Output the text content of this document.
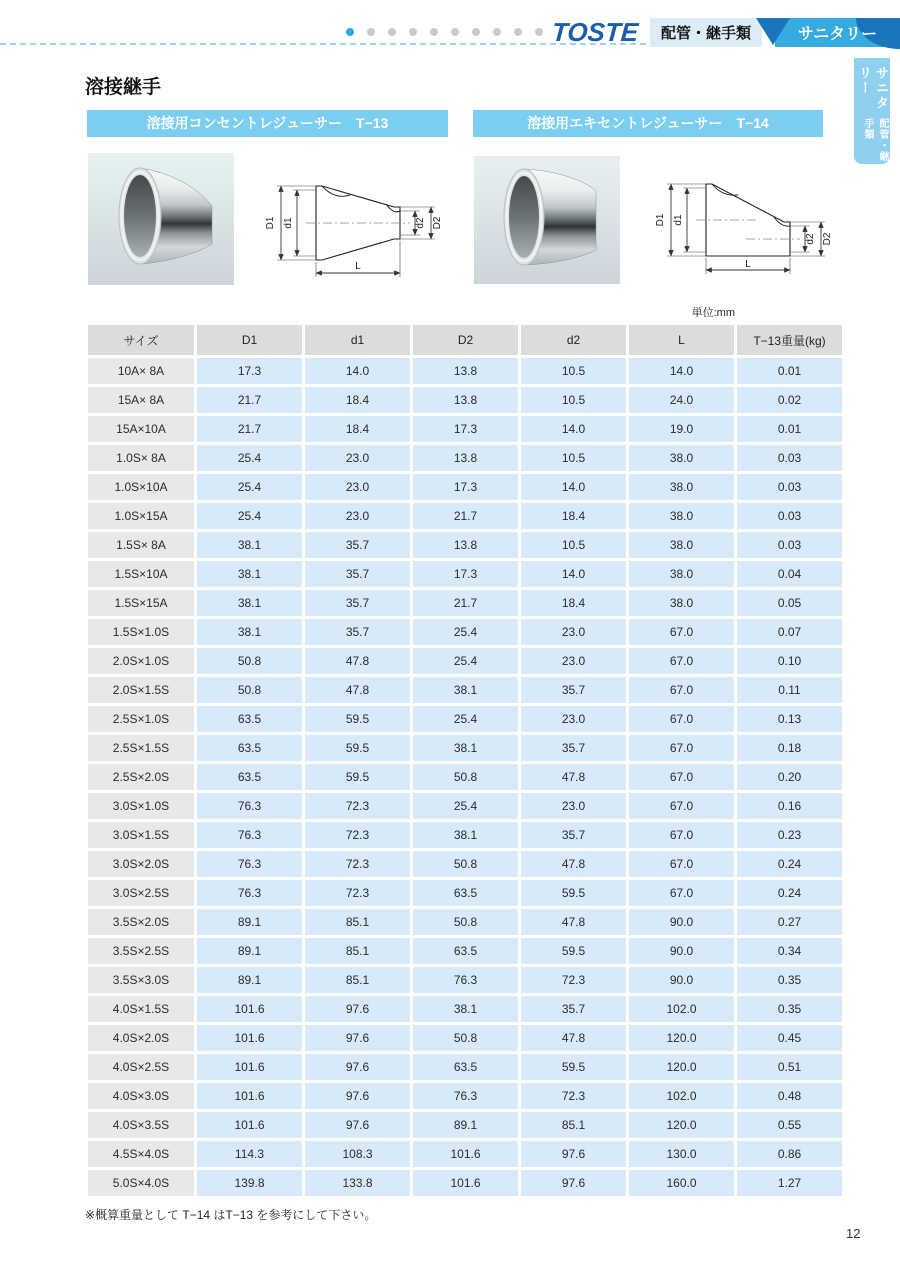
TOSTE	配管・継手類	サニタリー
サニタリー
配管・継手類
溶接継手
溶接用コンセントレジューサー　T−13	溶接用エキセントレジューサー　T−14
D1 d1	d2 D2
L
D1 d1
d2 D2
L
単位:mm
サイズ	D1	d1	D2	d2	L	T−13重量(kg)
10A× 8A	17.3	14.0	13.8	10.5	14.0	0.01
15A× 8A	21.7	18.4	13.8	10.5	24.0	0.02
15A×10A	21.7	18.4	17.3	14.0	19.0	0.01
1.0S× 8A	25.4	23.0	13.8	10.5	38.0	0.03
1.0S×10A	25.4	23.0	17.3	14.0	38.0	0.03
1.0S×15A	25.4	23.0	21.7	18.4	38.0	0.03
1.5S× 8A	38.1	35.7	13.8	10.5	38.0	0.03
1.5S×10A	38.1	35.7	17.3	14.0	38.0	0.04
1.5S×15A	38.1	35.7	21.7	18.4	38.0	0.05
1.5S×1.0S	38.1	35.7	25.4	23.0	67.0	0.07
2.0S×1.0S	50.8	47.8	25.4	23.0	67.0	0.10
2.0S×1.5S	50.8	47.8	38.1	35.7	67.0	0.11
2.5S×1.0S	63.5	59.5	25.4	23.0	67.0	0.13
2.5S×1.5S	63.5	59.5	38.1	35.7	67.0	0.18
2.5S×2.0S	63.5	59.5	50.8	47.8	67.0	0.20
3.0S×1.0S	76.3	72.3	25.4	23.0	67.0	0.16
3.0S×1.5S	76.3	72.3	38.1	35.7	67.0	0.23
3.0S×2.0S	76.3	72.3	50.8	47.8	67.0	0.24
3.0S×2.5S	76.3	72.3	63.5	59.5	67.0	0.24
3.5S×2.0S	89.1	85.1	50.8	47.8	90.0	0.27
3.5S×2.5S	89.1	85.1	63.5	59.5	90.0	0.34
3.5S×3.0S	89.1	85.1	76.3	72.3	90.0	0.35
4.0S×1.5S	101.6	97.6	38.1	35.7	102.0	0.35
4.0S×2.0S	101.6	97.6	50.8	47.8	120.0	0.45
4.0S×2.5S	101.6	97.6	63.5	59.5	120.0	0.51
4.0S×3.0S	101.6	97.6	76.3	72.3	102.0	0.48
4.0S×3.5S	101.6	97.6	89.1	85.1	120.0	0.55
4.5S×4.0S	114.3	108.3	101.6	97.6	130.0	0.86
5.0S×4.0S	139.8	133.8	101.6	97.6	160.0	1.27
※概算重量として T−14 はT−13 を参考にして下さい。
12
